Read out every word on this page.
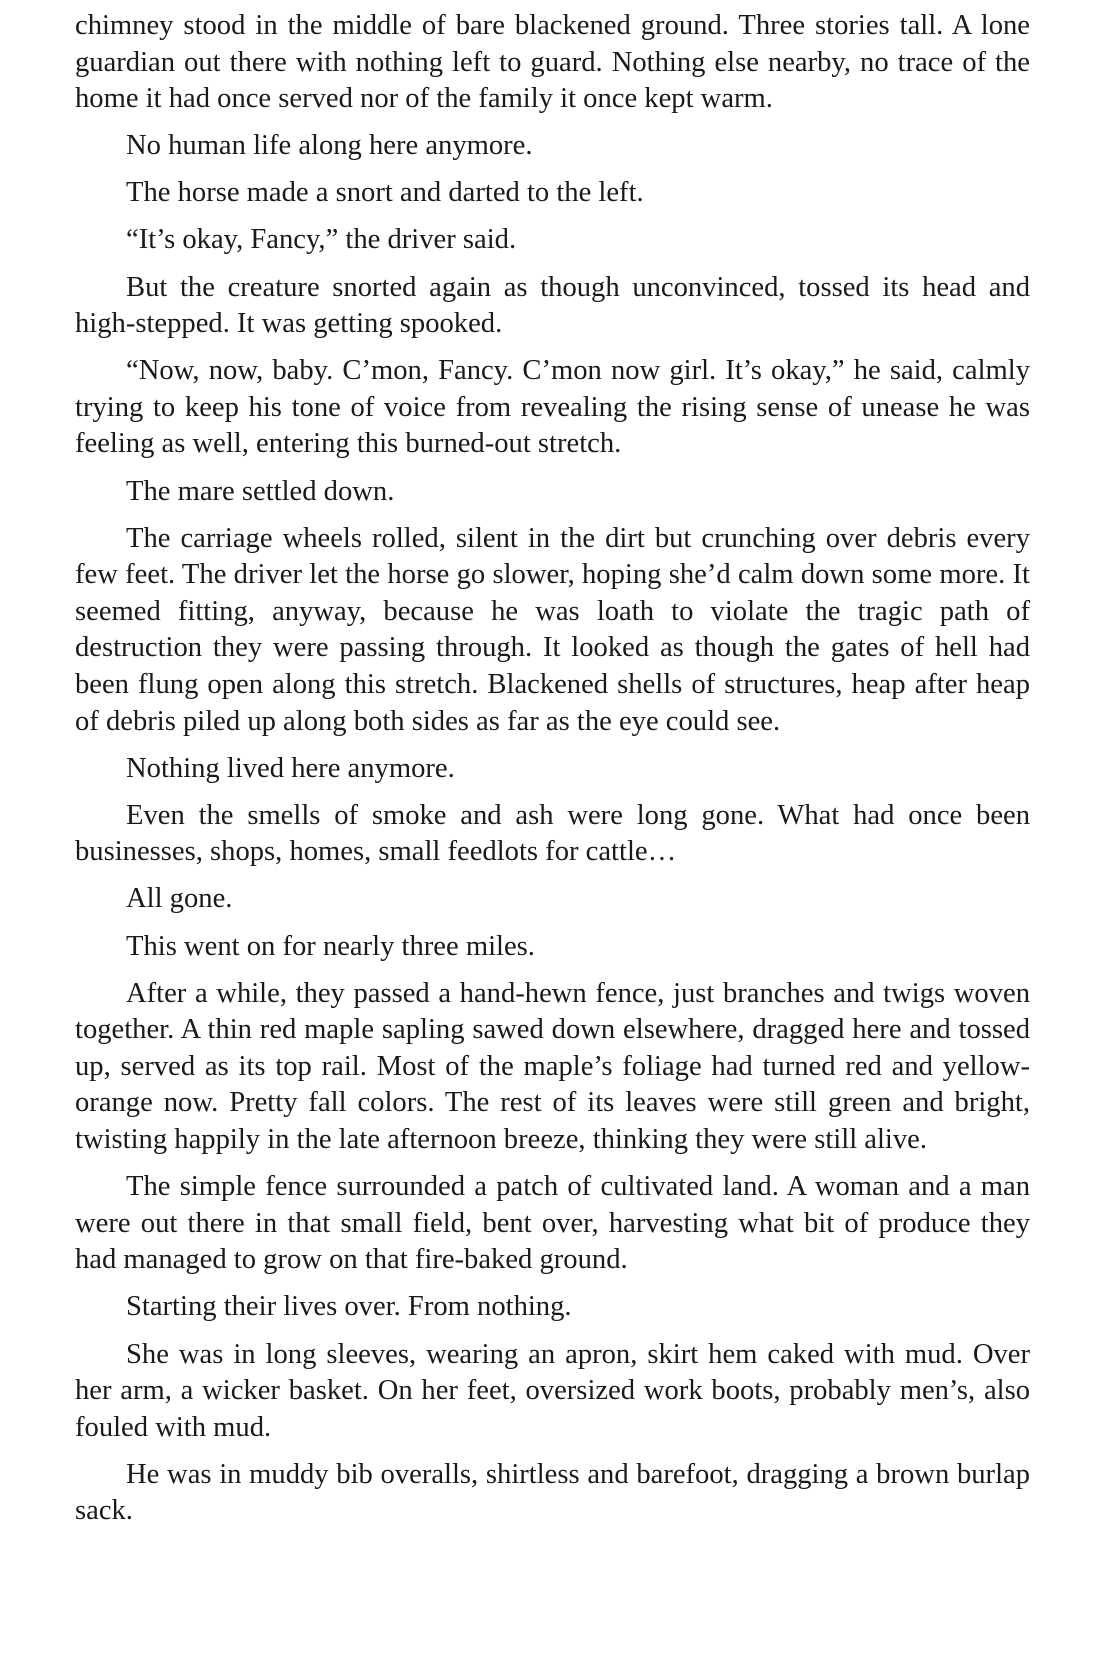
chimney stood in the middle of bare blackened ground. Three stories tall. A lone guardian out there with nothing left to guard. Nothing else nearby, no trace of the home it had once served nor of the family it once kept warm.

No human life along here anymore.

The horse made a snort and darted to the left.

“It’s okay, Fancy,” the driver said.

But the creature snorted again as though unconvinced, tossed its head and high-stepped. It was getting spooked.

“Now, now, baby. C’mon, Fancy. C’mon now girl. It’s okay,” he said, calmly trying to keep his tone of voice from revealing the rising sense of unease he was feeling as well, entering this burned-out stretch.

The mare settled down.

The carriage wheels rolled, silent in the dirt but crunching over debris every few feet. The driver let the horse go slower, hoping she’d calm down some more. It seemed fitting, anyway, because he was loath to violate the tragic path of destruction they were passing through. It looked as though the gates of hell had been flung open along this stretch. Blackened shells of structures, heap after heap of debris piled up along both sides as far as the eye could see.

Nothing lived here anymore.

Even the smells of smoke and ash were long gone. What had once been businesses, shops, homes, small feedlots for cattle…

All gone.

This went on for nearly three miles.

After a while, they passed a hand-hewn fence, just branches and twigs woven together. A thin red maple sapling sawed down elsewhere, dragged here and tossed up, served as its top rail. Most of the maple’s foliage had turned red and yellow-orange now. Pretty fall colors. The rest of its leaves were still green and bright, twisting happily in the late afternoon breeze, thinking they were still alive.

The simple fence surrounded a patch of cultivated land. A woman and a man were out there in that small field, bent over, harvesting what bit of produce they had managed to grow on that fire-baked ground.

Starting their lives over. From nothing.

She was in long sleeves, wearing an apron, skirt hem caked with mud. Over her arm, a wicker basket. On her feet, oversized work boots, probably men’s, also fouled with mud.

He was in muddy bib overalls, shirtless and barefoot, dragging a brown burlap sack.
